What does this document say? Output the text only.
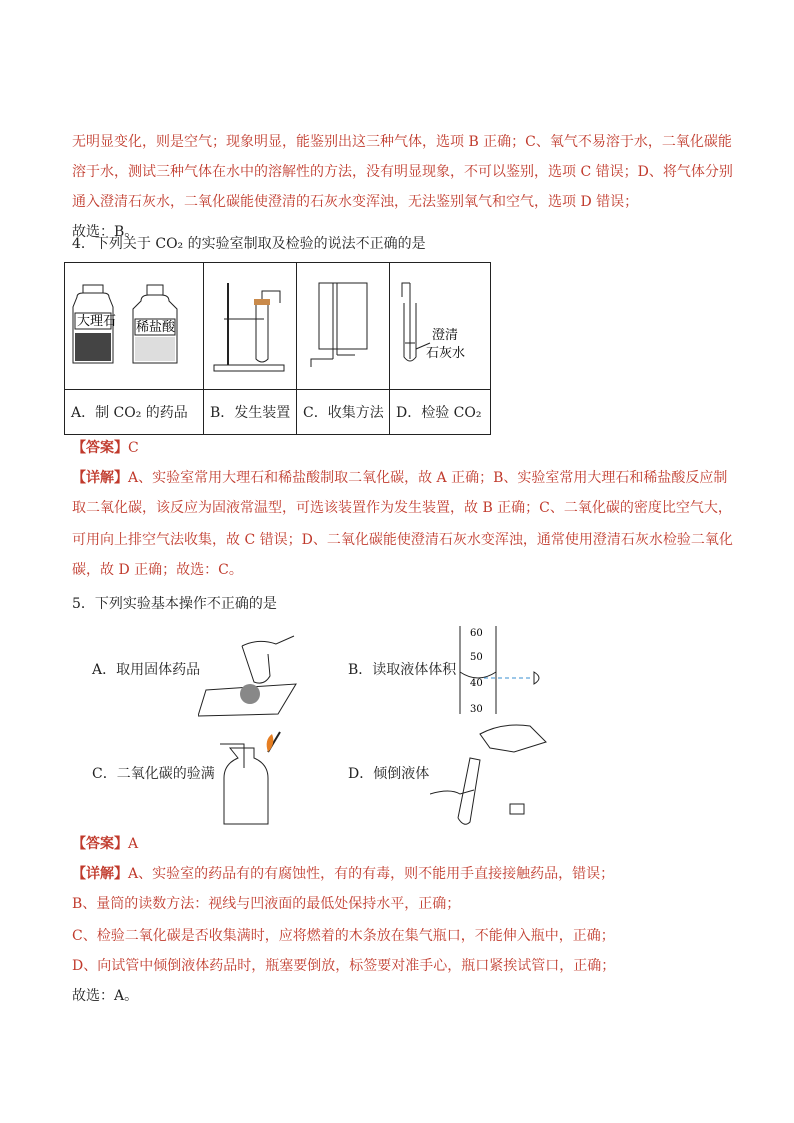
无明显变化，则是空气；现象明显，能鉴别出这三种气体，选项 B 正确；C、氧气不易溶于水，二氧化碳能
溶于水，测试三种气体在水中的溶解性的方法，没有明显现象，不可以鉴别，选项 C 错误；D、将气体分别
通入澄清石灰水，二氧化碳能使澄清的石灰水变浑浊，无法鉴别氧气和空气，选项 D 错误；
故选：B。
4．下列关于 CO₂ 的实验室制取及检验的说法不正确的是
大理石 稀盐酸			澄清
石灰水

A．制 CO₂ 的药品	B．发生装置	C．收集方法	D．检验 CO₂
【答案】C
【详解】A、实验室常用大理石和稀盐酸制取二氧化碳，故 A 正确；B、实验室常用大理石和稀盐酸反应制
取二氧化碳，该反应为固液常温型，可选该装置作为发生装置，故 B 正确；C、二氧化碳的密度比空气大，
可用向上排空气法收集，故 C 错误；D、二氧化碳能使澄清石灰水变浑浊，通常使用澄清石灰水检验二氧化
碳，故 D 正确；故选：C。
5．下列实验基本操作不正确的是
A．取用固体药品	B．读取液体体积
60
50
40
30
C．二氧化碳的验满	D．倾倒液体
【答案】A
【详解】A、实验室的药品有的有腐蚀性，有的有毒，则不能用手直接接触药品，错误；
B、量筒的读数方法：视线与凹液面的最低处保持水平，正确；
C、检验二氧化碳是否收集满时，应将燃着的木条放在集气瓶口，不能伸入瓶中，正确；
D、向试管中倾倒液体药品时，瓶塞要倒放，标签要对准手心，瓶口紧挨试管口，正确；
故选：A。
